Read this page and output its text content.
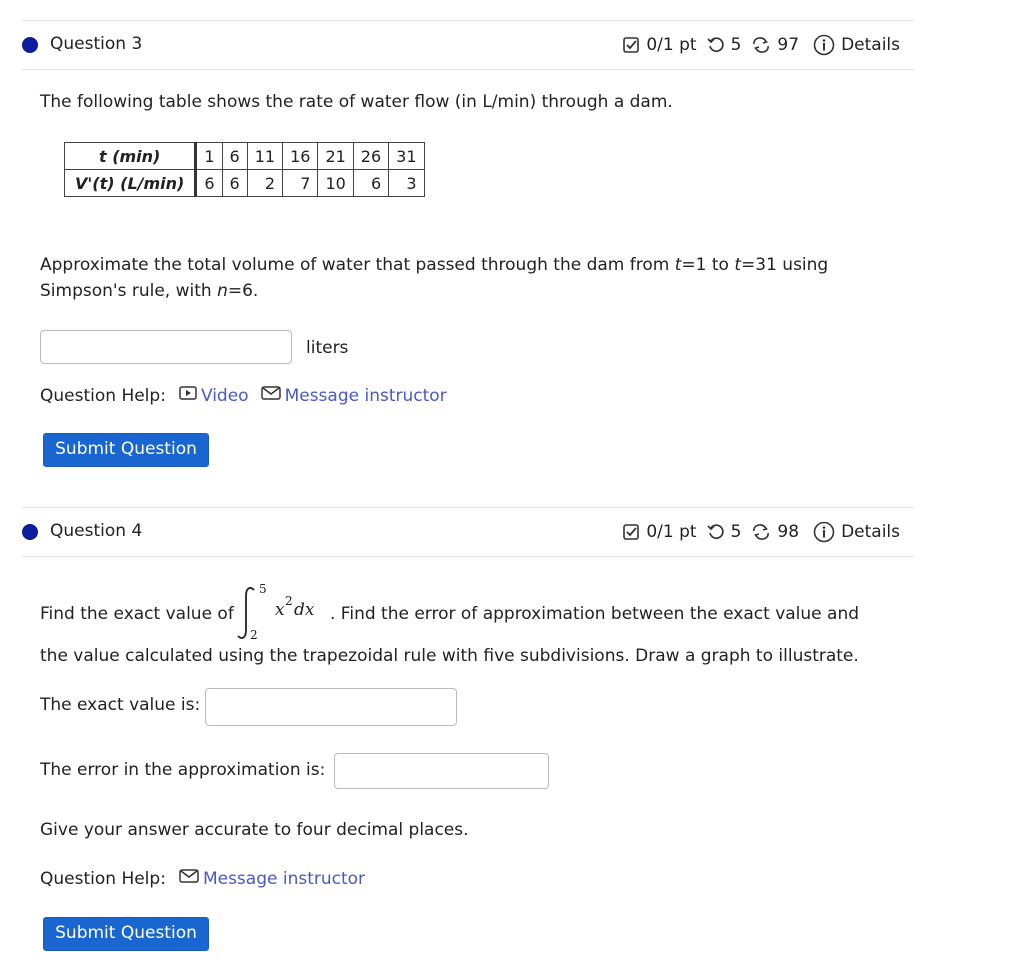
Question 3	0/1 pt 5 97 Details
The following table shows the rate of water flow (in L/min) through a dam.
t (min)	1	6	11	16	21	26	31
V'(t) (L/min)	6	6	2	7	10	6	3
Approximate the total volume of water that passed through the dam from t=1 to t=31 using
Simpson's rule, with n=6.
liters
Question Help: Video Message instructor
Submit Question
Question 4	0/1 pt 5 98 Details
Find the exact value of
5
2
x 2 dx . Find the error of approximation between the exact value and
the value calculated using the trapezoidal rule with five subdivisions. Draw a graph to illustrate.
The exact value is:
The error in the approximation is:
Give your answer accurate to four decimal places.
Question Help: Message instructor
Submit Question
